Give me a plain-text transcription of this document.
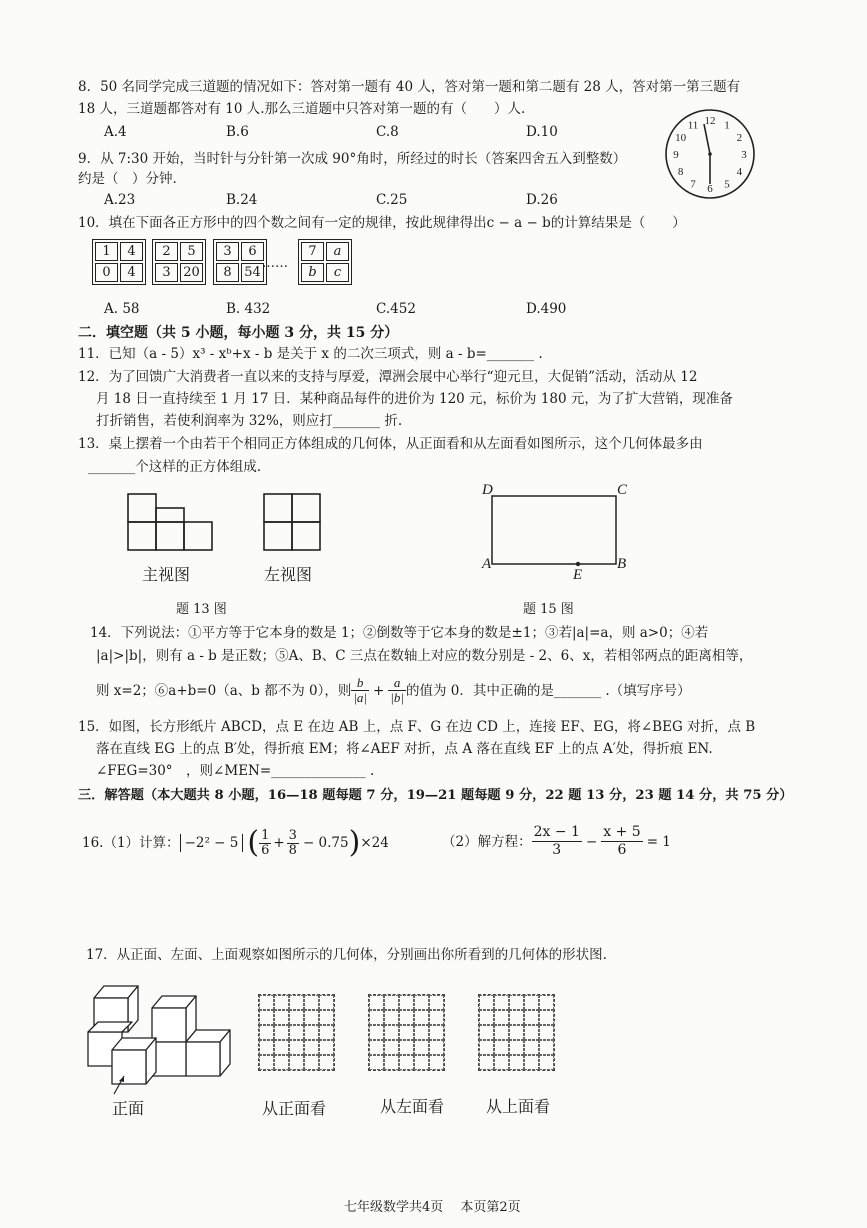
8．50 名同学完成三道题的情况如下：答对第一题有 40 人，答对第一题和第二题有 28 人，答对第一第三题有
18 人，三道题都答对有 10 人.那么三道题中只答对第一题的有（　　）人.
A.4	B.6	C.8	D.10
12 1
2
3
4
5
6
7
8
9
10
11
9．从 7:30 开始，当时针与分针第一次成 90°角时，所经过的时长（答案四舍五入到整数）
约是（　）分钟.
A.23	B.24	C.25	D.26
10．填在下面各正方形中的四个数之间有一定的规律，按此规律得出c − a − b的计算结果是（　　）
1	4
0	4
2	5
3 20
3	6
8 54
7	a
b	c
……
A. 58	B. 432	C.452	D.490
二．填空题（共 5 小题，每小题 3 分，共 15 分）
11．已知（a - 5）x³ - xᵇ+x - b 是关于 x 的二次三项式，则 a - b=_______ .
12．为了回馈广大消费者一直以来的支持与厚爱，潭洲会展中心举行“迎元旦，大促销”活动，活动从 12
月 18 日一直持续至 1 月 17 日．某种商品每件的进价为 120 元，标价为 180 元，为了扩大营销，现准备
打折销售，若使利润率为 32%，则应打_______ 折.
13．桌上摆着一个由若干个相同正方体组成的几何体，从正面看和从左面看如图所示，这个几何体最多由
_______个这样的正方体组成.
主视图	左视图
题 13 图
D	C
A	B
E
题 15 图
14．下列说法：①平方等于它本身的数是 1；②倒数等于它本身的数是±1；③若|a|=a，则 a>0；④若
|a|>|b|，则有 a - b 是正数；⑤A、B、C 三点在数轴上对应的数分别是 - 2、6、x，若相邻两点的距离相等，
则 x=2；⑥a+b=0（a、b 都不为 0），则 $\frac{b}{|a|} + \frac{a}{|b|}$ 的值为 0．其中正确的是_______ .（填写序号）
15．如图，长方形纸片 ABCD，点 E 在边 AB 上，点 F、G 在边 CD 上，连接 EF、EG，将∠BEG 对折，点 B
落在直线 EG 上的点 B′处，得折痕 EM；将∠AEF 对折，点 A 落在直线 EF 上的点 A′处，得折痕 EN.
∠FEG=30°　，则∠MEN=______________ .
三．解答题（本大题共 8 小题，16—18 题每题 7 分，19—21 题每题 9 分，22 题 13 分，23 题 14 分，共 75 分）
16.（1）计算： −2² − 5 ( $\frac{1}{6} + \frac{3}{8} - 0.75$ ) ×24	（2）解方程： $\frac{2x - 1}{3} - \frac{x + 5}{6} = 1$
17．从正面、左面、上面观察如图所示的几何体，分别画出你所看到的几何体的形状图.
正面	从正面看	从左面看	从上面看
七年级数学共4页　 本页第2页
